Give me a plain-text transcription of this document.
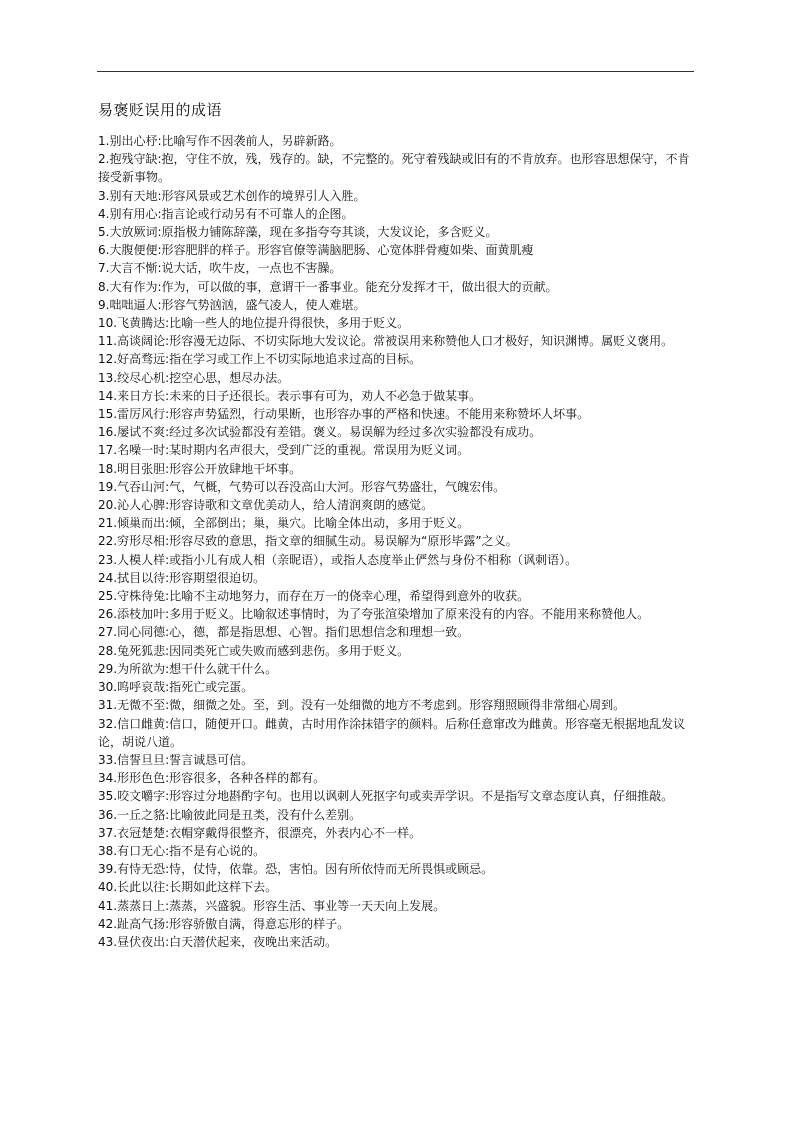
易褒贬误用的成语
1.别出心杼:比喻写作不因袭前人，另辟新路。
2.抱残守缺:抱，守住不放，残，残存的。缺，不完整的。死守着残缺或旧有的不肯放弃。也形容思想保守，不肯接受新事物。
3.别有天地:形容风景或艺术创作的境界引人入胜。
4.别有用心:指言论或行动另有不可靠人的企图。
5.大放厥词:原指极力铺陈辞藻，现在多指夸夸其谈，大发议论，多含贬义。
6.大腹便便:形容肥胖的样子。形容官僚等满脑肥肠、心宽体胖骨瘦如柴、面黄肌瘦
7.大言不惭:说大话，吹牛皮，一点也不害臊。
8.大有作为:作为，可以做的事，意谓干一番事业。能充分发挥才干，做出很大的贡献。
9.咄咄逼人:形容气势汹汹，盛气凌人，使人难堪。
10.飞黄腾达:比喻一些人的地位提升得很快，多用于贬义。
11.高谈阔论:形容漫无边际、不切实际地大发议论。常被误用来称赞他人口才极好，知识渊博。属贬义褒用。
12.好高骛远:指在学习或工作上不切实际地追求过高的目标。
13.绞尽心机:挖空心思，想尽办法。
14.来日方长:未来的日子还很长。表示事有可为，劝人不必急于做某事。
15.雷厉风行:形容声势猛烈，行动果断，也形容办事的严格和快速。不能用来称赞坏人坏事。
16.屡试不爽:经过多次试验都没有差错。褒义。易误解为经过多次实验都没有成功。
17.名噪一时:某时期内名声很大，受到广泛的重视。常误用为贬义词。
18.明目张胆:形容公开放肆地干坏事。
19.气吞山河:气，气概，气势可以吞没高山大河。形容气势盛壮，气魄宏伟。
20.沁人心脾:形容诗歌和文章优美动人，给人清润爽朗的感觉。
21.倾巢而出:倾，全部倒出；巢，巢穴。比喻全体出动，多用于贬义。
22.穷形尽相:形容尽致的意思，指文章的细腻生动。易误解为“原形毕露”之义。
23.人模人样:或指小儿有成人相（亲昵语），或指人态度举止俨然与身份不相称（讽刺语）。
24.拭目以待:形容期望很迫切。
25.守株待兔:比喻不主动地努力，而存在万一的侥幸心理，希望得到意外的收获。
26.添枝加叶:多用于贬义。比喻叙述事情时，为了夸张渲染增加了原来没有的内容。不能用来称赞他人。
27.同心同德:心，德，都是指思想、心智。指们思想信念和理想一致。
28.兔死狐悲:因同类死亡或失败而感到悲伤。多用于贬义。
29.为所欲为:想干什么就干什么。
30.呜呼哀哉:指死亡或完蛋。
31.无微不至:微，细微之处。至，到。没有一处细微的地方不考虑到。形容翔照顾得非常细心周到。
32.信口雌黄:信口，随便开口。雌黄，古时用作涂抹错字的颜料。后称任意窜改为雌黄。形容毫无根据地乱发议论，胡说八道。
33.信誓旦旦:誓言诚恳可信。
34.形形色色:形容很多，各种各样的都有。
35.咬文嚼字:形容过分地斟酌字句。也用以讽刺人死抠字句或卖弄学识。不是指写文章态度认真，仔细推敲。
36.一丘之貉:比喻彼此同是丑类，没有什么差别。
37.衣冠楚楚:衣帽穿戴得很整齐，很漂亮，外表内心不一样。
38.有口无心:指不是有心说的。
39.有恃无恐:恃，仗恃，依靠。恐，害怕。因有所依恃而无所畏惧或顾忌。
40.长此以往:长期如此这样下去。
41.蒸蒸日上:蒸蒸，兴盛貌。形容生活、事业等一天天向上发展。
42.趾高气扬:形容骄傲自满，得意忘形的样子。
43.昼伏夜出:白天潜伏起来，夜晚出来活动。
